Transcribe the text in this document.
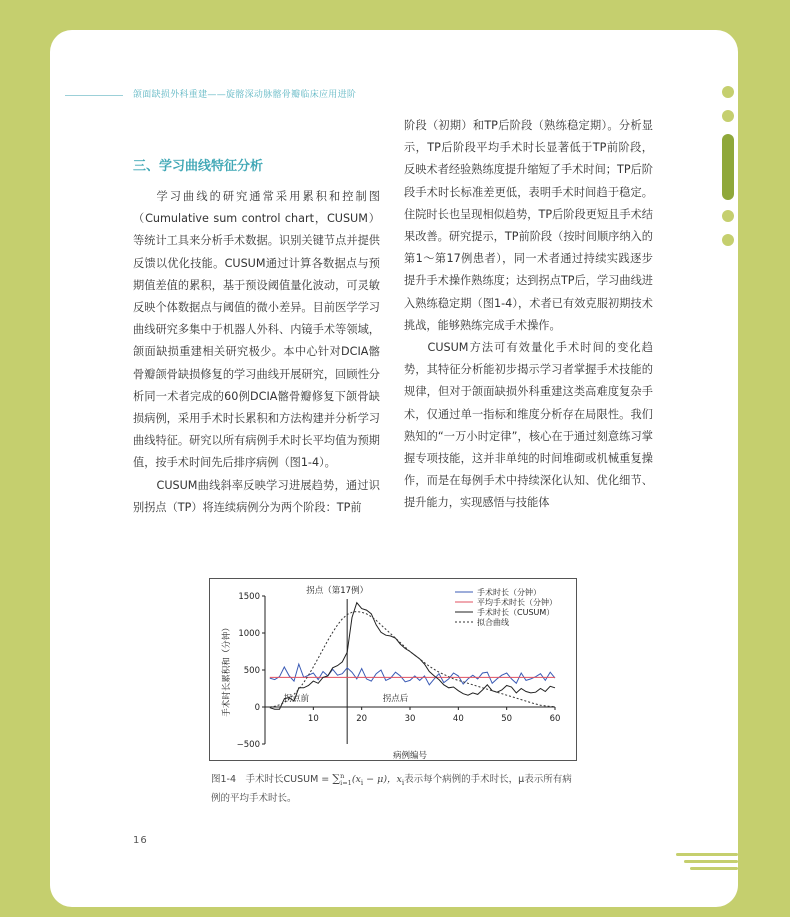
颌面缺损外科重建——旋髂深动脉髂骨瓣临床应用进阶
三、学习曲线特征分析

学习曲线的研究通常采用累积和控制图（Cumulative sum control chart，CUSUM）等统计工具来分析手术数据。识别关键节点并提供反馈以优化技能。CUSUM通过计算各数据点与预期值差值的累积，基于预设阈值量化波动，可灵敏反映个体数据点与阈值的微小差异。目前医学学习曲线研究多集中于机器人外科、内镜手术等领域，颌面缺损重建相关研究极少。本中心针对DCIA髂骨瓣颌骨缺损修复的学习曲线开展研究，回顾性分析同一术者完成的60例DCIA髂骨瓣修复下颌骨缺损病例，采用手术时长累积和方法构建并分析学习曲线特征。研究以所有病例手术时长平均值为预期值，按手术时间先后排序病例（图1-4）。

CUSUM曲线斜率反映学习进展趋势，通过识别拐点（TP）将连续病例分为两个阶段：TP前

阶段（初期）和TP后阶段（熟练稳定期）。分析显示，TP后阶段平均手术时长显著低于TP前阶段，反映术者经验熟练度提升缩短了手术时间；TP后阶段手术时长标准差更低，表明手术时间趋于稳定。住院时长也呈现相似趋势，TP后阶段更短且手术结果改善。研究提示，TP前阶段（按时间顺序纳入的第1～第17例患者），同一术者通过持续实践逐步提升手术操作熟练度；达到拐点TP后，学习曲线进入熟练稳定期（图1-4），术者已有效克服初期技术挑战，能够熟练完成手术操作。

CUSUM方法可有效量化手术时间的变化趋势，其特征分析能初步揭示学习者掌握手术技能的规律，但对于颌面缺损外科重建这类高难度复杂手术，仅通过单一指标和维度分析存在局限性。我们熟知的“一万小时定律”，核心在于通过刻意练习掌握专项技能，这并非单纯的时间堆砌或机械重复操作，而是在每例手术中持续深化认知、优化细节、提升能力，实现感悟与技能体

−500
0
500
1000
1500
10	20	30	40	50	60
病例编号
手术时长累积和（分钟）
拐点（第17例）
拐点前	拐点后
手术时长（分钟）
平均手术时长（分钟）
手术时长（CUSUM）
拟合曲线
图1-4　手术时长CUSUM = ∑ n
i=1 $(x_i - \mu)$，$x_i$表示每个病例的手术时长，μ表示所有病例的平均手术时长。
16
